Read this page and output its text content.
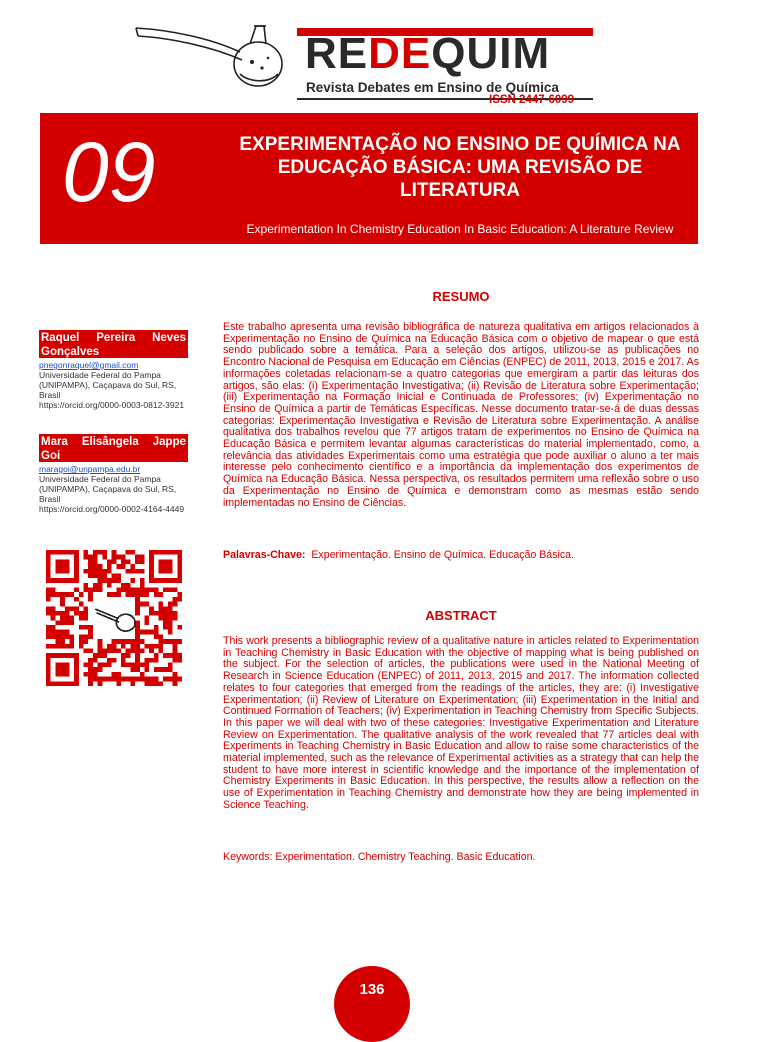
REDEQUIM
Revista Debates em Ensino de Química
ISSN 2447-6099
09	EXPERIMENTAÇÃO NO ENSINO DE QUÍMICA NA EDUCAÇÃO BÁSICA: UMA REVISÃO DE LITERATURA
Experimentation In Chemistry Education In Basic Education: A Literature Review
Raquel Pereira Neves Gonçalves
pnegonraquel@gmail.com
Universidade Federal do Pampa (UNIPAMPA), Caçapava do Sul, RS, Brasil
https://orcid.org/0000-0003-0812-3921
Mara Elisângela Jappe Goi
maragoi@unpampa.edu.br
Universidade Federal do Pampa (UNIPAMPA), Caçapava do Sul, RS, Brasil
https://orcid.org/0000-0002-4164-4449
RESUMO
Este trabalho apresenta uma revisão bibliográfica de natureza qualitativa em artigos relacionados à Experimentação no Ensino de Química na Educação Básica com o objetivo de mapear o que está sendo publicado sobre a temática. Para a seleção dos artigos, utilizou-se as publicações no Encontro Nacional de Pesquisa em Educação em Ciências (ENPEC) de 2011, 2013, 2015 e 2017. As informações coletadas relacionam-se a quatro categorias que emergiram a partir das leituras dos artigos, são elas: (i) Experimentação Investigativa; (ii) Revisão de Literatura sobre Experimentação; (iii) Experimentação na Formação Inicial e Continuada de Professores; (iv) Experimentação no Ensino de Química a partir de Temáticas Específicas. Nesse documento tratar-se-á de duas dessas categorias: Experimentação Investigativa e Revisão de Literatura sobre Experimentação. A análise qualitativa dos trabalhos revelou que 77 artigos tratam de experimentos no Ensino de Química na Educação Básica e permitem levantar algumas características do material implementado, como, a relevância das atividades Experimentais como uma estratégia que pode auxiliar o aluno a ter mais interesse pelo conhecimento científico e a importância da implementação dos experimentos de Química na Educação Básica. Nessa perspectiva, os resultados permitem uma reflexão sobre o uso da Experimentação no Ensino de Química e demonstram como as mesmas estão sendo implementadas no Ensino de Ciências.
Palavras-Chave: Experimentação. Ensino de Química. Educação Básica.
ABSTRACT
This work presents a bibliographic review of a qualitative nature in articles related to Experimentation in Teaching Chemistry in Basic Education with the objective of mapping what is being published on the subject. For the selection of articles, the publications were used in the National Meeting of Research in Science Education (ENPEC) of 2011, 2013, 2015 and 2017. The information collected relates to four categories that emerged from the readings of the articles, they are: (i) Investigative Experimentation; (ii) Review of Literature on Experimentation; (iii) Experimentation in the Initial and Continued Formation of Teachers; (iv) Experimentation in Teaching Chemistry from Specific Subjects. In this paper we will deal with two of these categories: Investigative Experimentation and Literature Review on Experimentation. The qualitative analysis of the work revealed that 77 articles deal with Experiments in Teaching Chemistry in Basic Education and allow to raise some characteristics of the material implemented, such as the relevance of Experimental activities as a strategy that can help the student to have more interest in scientific knowledge and the importance of the implementation of Chemistry Experiments in Basic Education. In this perspective, the results allow a reflection on the use of Experimentation in Teaching Chemistry and demonstrate how they are being implemented in Science Teaching.
Keywords: Experimentation. Chemistry Teaching. Basic Education.
136
